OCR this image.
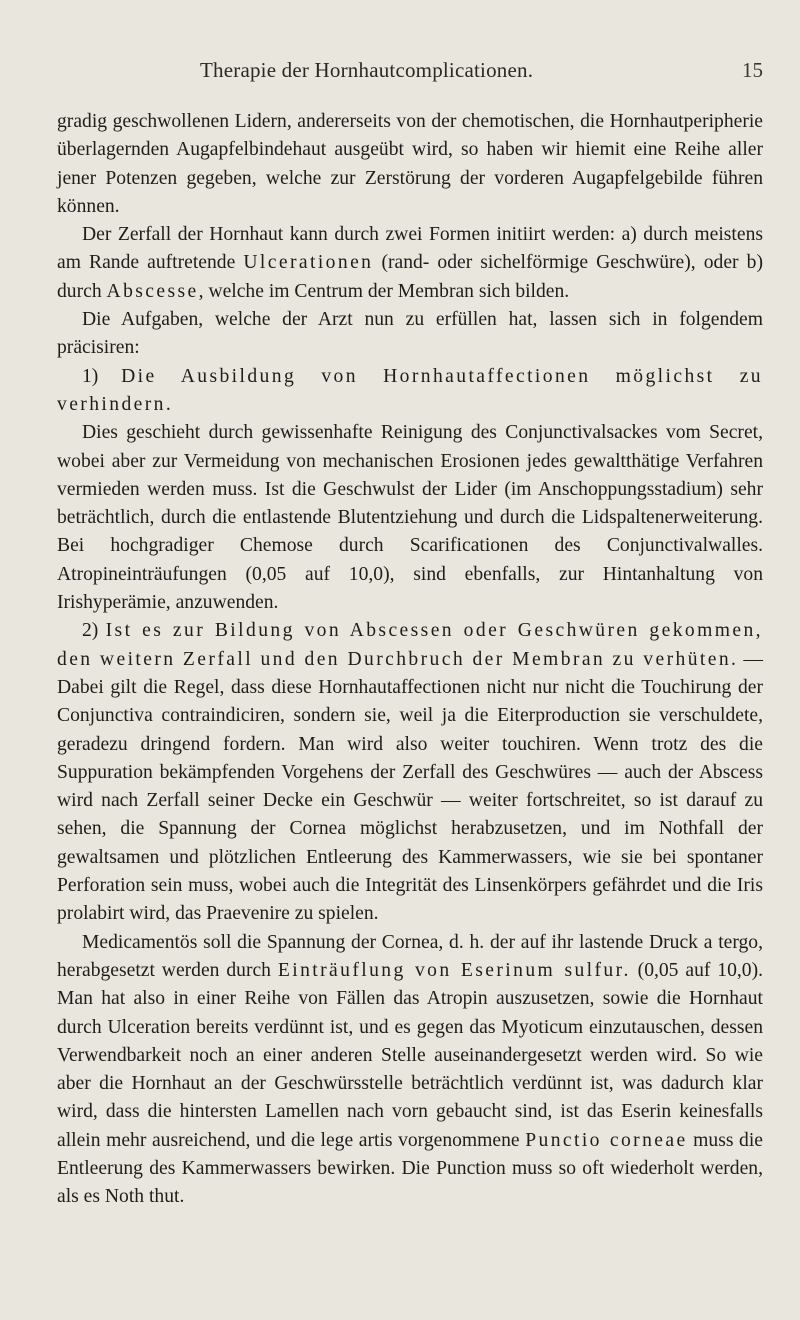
Therapie der Hornhautcomplicationen.	15

gradig geschwollenen Lidern, andererseits von der chemotischen, die Hornhautperipherie überlagernden Augapfelbindehaut ausgeübt wird, so haben wir hiemit eine Reihe aller jener Potenzen gegeben, welche zur Zerstörung der vorderen Augapfelgebilde führen können.

Der Zerfall der Hornhaut kann durch zwei Formen initiirt werden: a) durch meistens am Rande auftretende Ulcerationen (rand- oder sichelförmige Geschwüre), oder b) durch Abscesse, welche im Centrum der Membran sich bilden.

Die Aufgaben, welche der Arzt nun zu erfüllen hat, lassen sich in folgendem präcisiren:

1) Die Ausbildung von Hornhautaffectionen möglichst zu verhindern.

Dies geschieht durch gewissenhafte Reinigung des Conjunctivalsackes vom Secret, wobei aber zur Vermeidung von mechanischen Erosionen jedes gewaltthätige Verfahren vermieden werden muss. Ist die Geschwulst der Lider (im Anschoppungsstadium) sehr beträchtlich, durch die entlastende Blutentziehung und durch die Lidspaltenerweiterung. Bei hochgradiger Chemose durch Scarificationen des Conjunctivalwalles. Atropineinträufungen (0,05 auf 10,0), sind ebenfalls, zur Hintanhaltung von Irishyperämie, anzuwenden.

2) Ist es zur Bildung von Abscessen oder Geschwüren gekommen, den weitern Zerfall und den Durchbruch der Membran zu verhüten. — Dabei gilt die Regel, dass diese Hornhautaffectionen nicht nur nicht die Touchirung der Conjunctiva contraindiciren, sondern sie, weil ja die Eiterproduction sie verschuldete, geradezu dringend fordern. Man wird also weiter touchiren. Wenn trotz des die Suppuration bekämpfenden Vorgehens der Zerfall des Geschwüres — auch der Abscess wird nach Zerfall seiner Decke ein Geschwür — weiter fortschreitet, so ist darauf zu sehen, die Spannung der Cornea möglichst herabzusetzen, und im Nothfall der gewaltsamen und plötzlichen Entleerung des Kammerwassers, wie sie bei spontaner Perforation sein muss, wobei auch die Integrität des Linsenkörpers gefährdet und die Iris prolabirt wird, das Praevenire zu spielen.

Medicamentös soll die Spannung der Cornea, d. h. der auf ihr lastende Druck a tergo, herabgesetzt werden durch Einträuflung von Eserinum sulfur. (0,05 auf 10,0). Man hat also in einer Reihe von Fällen das Atropin auszusetzen, sowie die Hornhaut durch Ulceration bereits verdünnt ist, und es gegen das Myoticum einzutauschen, dessen Verwendbarkeit noch an einer anderen Stelle auseinandergesetzt werden wird. So wie aber die Hornhaut an der Geschwürsstelle beträchtlich verdünnt ist, was dadurch klar wird, dass die hintersten Lamellen nach vorn gebaucht sind, ist das Eserin keinesfalls allein mehr ausreichend, und die lege artis vorgenommene Punctio corneae muss die Entleerung des Kammerwassers bewirken. Die Punction muss so oft wiederholt werden, als es Noth thut.
